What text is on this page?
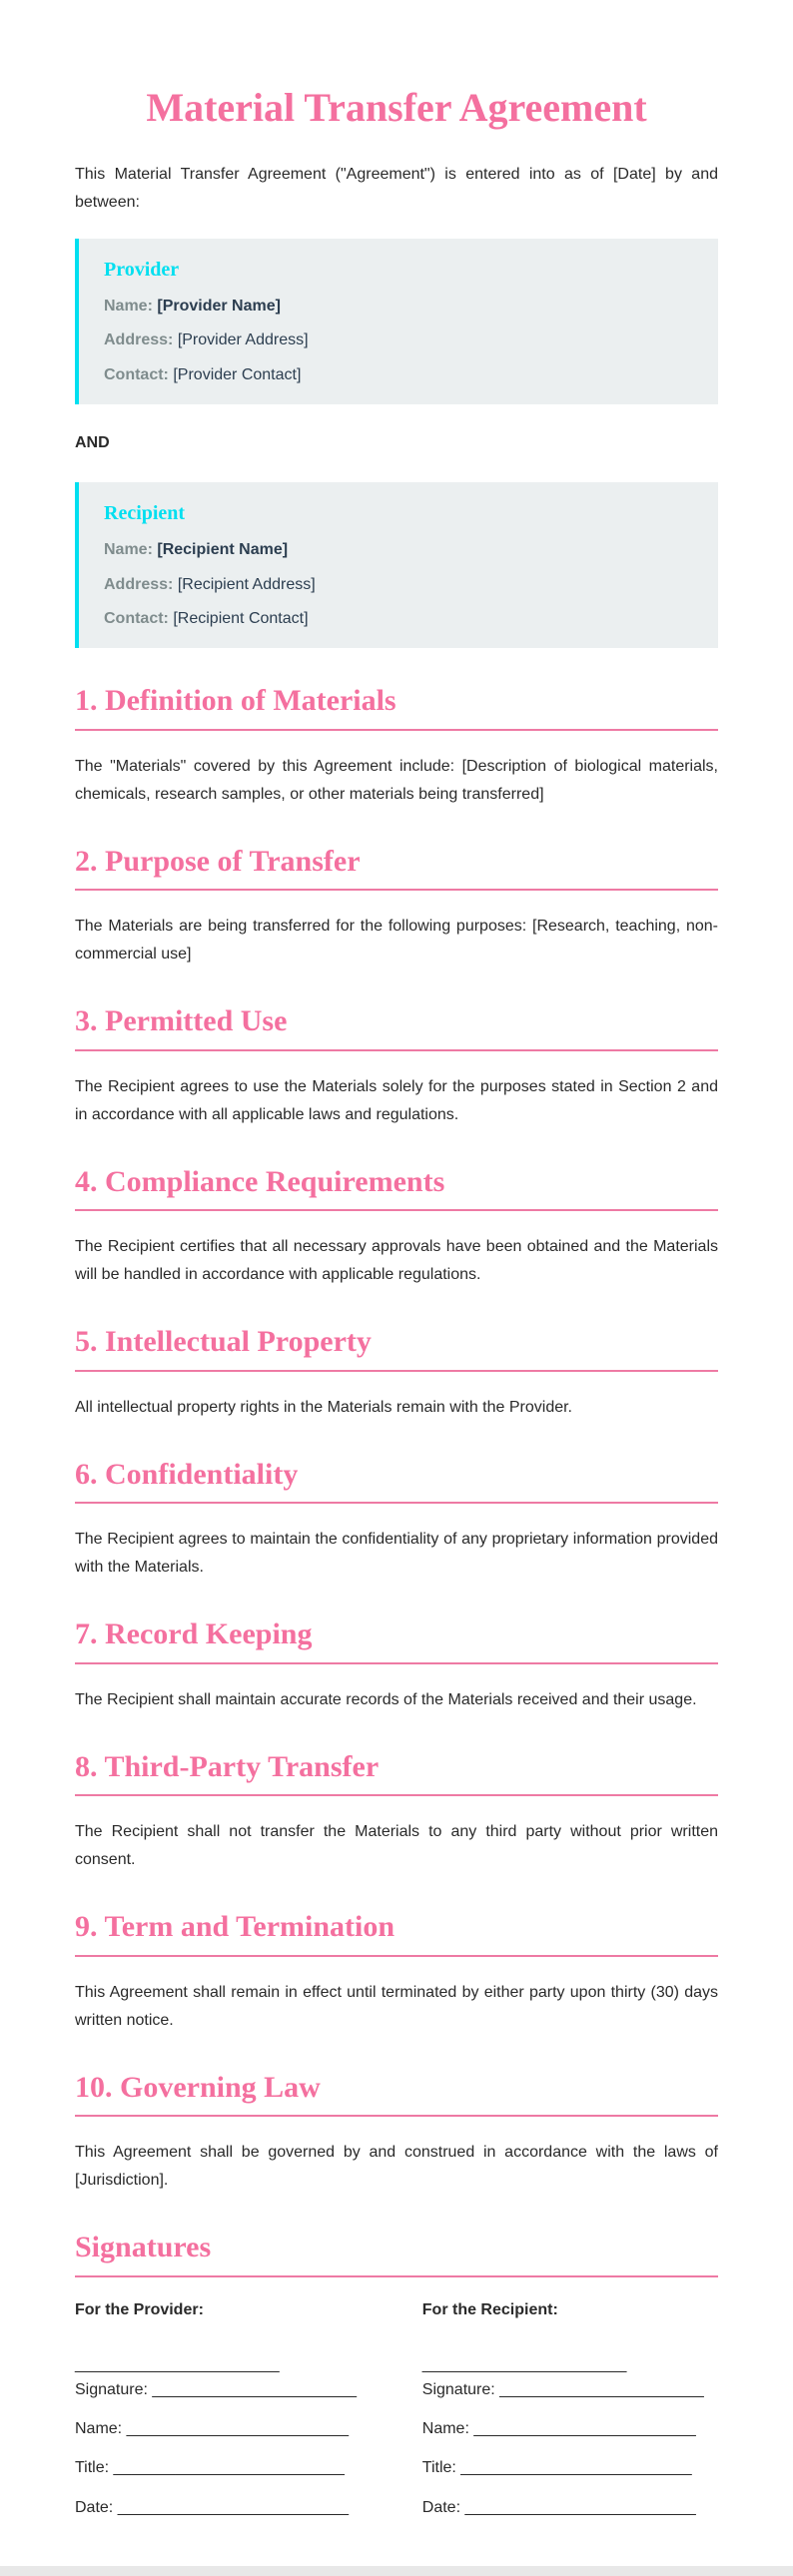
Material Transfer Agreement

This Material Transfer Agreement ("Agreement") is entered into as of [Date] by and between:

Provider

Name: [Provider Name]

Address: [Provider Address]

Contact: [Provider Contact]

AND

Recipient

Name: [Recipient Name]

Address: [Recipient Address]

Contact: [Recipient Contact]

1. Definition of Materials

The "Materials" covered by this Agreement include: [Description of biological materials, chemicals, research samples, or other materials being transferred]

2. Purpose of Transfer

The Materials are being transferred for the following purposes: [Research, teaching, non-commercial use]

3. Permitted Use

The Recipient agrees to use the Materials solely for the purposes stated in Section 2 and in accordance with all applicable laws and regulations.

4. Compliance Requirements

The Recipient certifies that all necessary approvals have been obtained and the Materials will be handled in accordance with applicable regulations.

5. Intellectual Property

All intellectual property rights in the Materials remain with the Provider.

6. Confidentiality

The Recipient agrees to maintain the confidentiality of any proprietary information provided with the Materials.

7. Record Keeping

The Recipient shall maintain accurate records of the Materials received and their usage.

8. Third-Party Transfer

The Recipient shall not transfer the Materials to any third party without prior written consent.

9. Term and Termination

This Agreement shall remain in effect until terminated by either party upon thirty (30) days written notice.

10. Governing Law

This Agreement shall be governed by and construed in accordance with the laws of [Jurisdiction].

Signatures

For the Provider:

_______________________

Signature: _______________________

Name: _________________________

Title: __________________________

Date: __________________________

For the Recipient:

_______________________

Signature: _______________________

Name: _________________________

Title: __________________________

Date: __________________________
